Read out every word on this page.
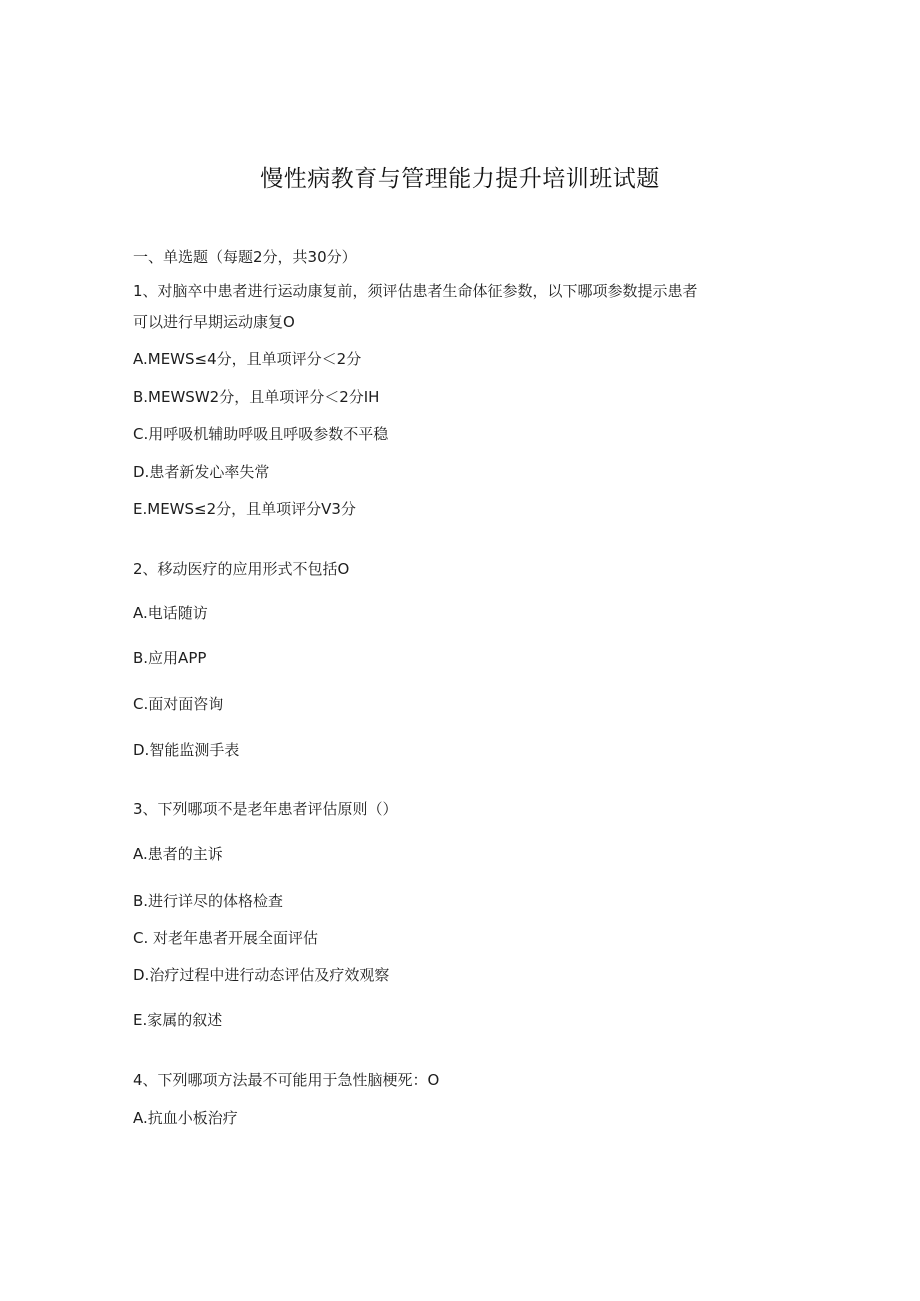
慢性病教育与管理能力提升培训班试题
一、单选题（每题2分，共30分）
1、对脑卒中患者进行运动康复前，须评估患者生命体征参数，以下哪项参数提示患者
可以进行早期运动康复O
A.MEWS≤4分，且单项评分＜2分
B.MEWSW2分，且单项评分＜2分IH
C.用呼吸机辅助呼吸且呼吸参数不平稳
D.患者新发心率失常
E.MEWS≤2分，且单项评分V3分
2、移动医疗的应用形式不包括O
A.电话随访
B.应用APP
C.面对面咨询
D.智能监测手表
3、下列哪项不是老年患者评估原则（）
A.患者的主诉
B.进行详尽的体格检查
C. 对老年患者开展全面评估
D.治疗过程中进行动态评估及疗效观察
E.家属的叙述
4、下列哪项方法最不可能用于急性脑梗死：O
A.抗血小板治疗
